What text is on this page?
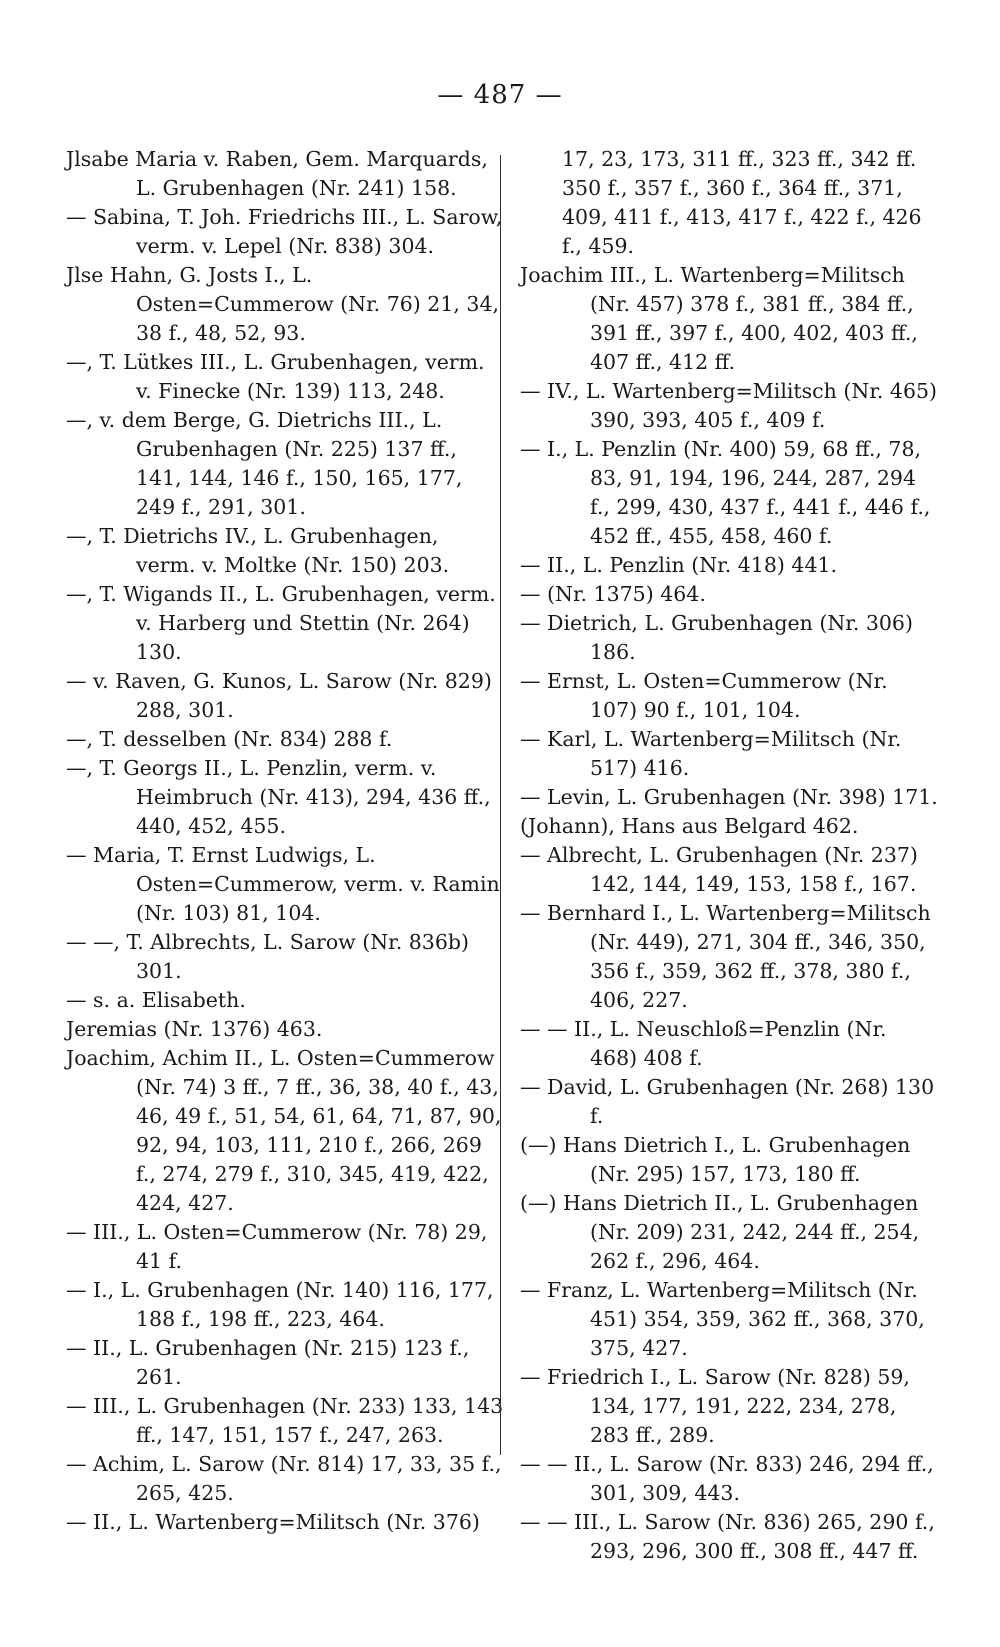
— 487 —

Jlsabe Maria v. Raben, Gem. Marquards, L. Grubenhagen (Nr. 241) 158.

— Sabina, T. Joh. Friedrichs III., L. Sarow, verm. v. Lepel (Nr. 838) 304.

Jlse Hahn, G. Josts I., L. Osten=Cummerow (Nr. 76) 21, 34, 38 f., 48, 52, 93.

—, T. Lütkes III., L. Grubenhagen, verm. v. Finecke (Nr. 139) 113, 248.

—, v. dem Berge, G. Dietrichs III., L. Grubenhagen (Nr. 225) 137 ff., 141, 144, 146 f., 150, 165, 177, 249 f., 291, 301.

—, T. Dietrichs IV., L. Grubenhagen, verm. v. Moltke (Nr. 150) 203.

—, T. Wigands II., L. Grubenhagen, verm. v. Harberg und Stettin (Nr. 264) 130.

— v. Raven, G. Kunos, L. Sarow (Nr. 829) 288, 301.

—, T. desselben (Nr. 834) 288 f.

—, T. Georgs II., L. Penzlin, verm. v. Heimbruch (Nr. 413), 294, 436 ff., 440, 452, 455.

— Maria, T. Ernst Ludwigs, L. Osten=Cummerow, verm. v. Ramin (Nr. 103) 81, 104.

— —, T. Albrechts, L. Sarow (Nr. 836b) 301.

— s. a. Elisabeth.

Jeremias (Nr. 1376) 463.

Joachim, Achim II., L. Osten=Cummerow (Nr. 74) 3 ff., 7 ff., 36, 38, 40 f., 43, 46, 49 f., 51, 54, 61, 64, 71, 87, 90, 92, 94, 103, 111, 210 f., 266, 269 f., 274, 279 f., 310, 345, 419, 422, 424, 427.

— III., L. Osten=Cummerow (Nr. 78) 29, 41 f.

— I., L. Grubenhagen (Nr. 140) 116, 177, 188 f., 198 ff., 223, 464.

— II., L. Grubenhagen (Nr. 215) 123 f., 261.

— III., L. Grubenhagen (Nr. 233) 133, 143 ff., 147, 151, 157 f., 247, 263.

— Achim, L. Sarow (Nr. 814) 17, 33, 35 f., 265, 425.

— II., L. Wartenberg=Militsch (Nr. 376)

17, 23, 173, 311 ff., 323 ff., 342 ff. 350 f., 357 f., 360 f., 364 ff., 371, 409, 411 f., 413, 417 f., 422 f., 426 f., 459.

Joachim III., L. Wartenberg=Militsch (Nr. 457) 378 f., 381 ff., 384 ff., 391 ff., 397 f., 400, 402, 403 ff., 407 ff., 412 ff.

— IV., L. Wartenberg=Militsch (Nr. 465) 390, 393, 405 f., 409 f.

— I., L. Penzlin (Nr. 400) 59, 68 ff., 78, 83, 91, 194, 196, 244, 287, 294 f., 299, 430, 437 f., 441 f., 446 f., 452 ff., 455, 458, 460 f.

— II., L. Penzlin (Nr. 418) 441.

— (Nr. 1375) 464.

— Dietrich, L. Grubenhagen (Nr. 306) 186.

— Ernst, L. Osten=Cummerow (Nr. 107) 90 f., 101, 104.

— Karl, L. Wartenberg=Militsch (Nr. 517) 416.

— Levin, L. Grubenhagen (Nr. 398) 171.

(Johann), Hans aus Belgard 462.

— Albrecht, L. Grubenhagen (Nr. 237) 142, 144, 149, 153, 158 f., 167.

— Bernhard I., L. Wartenberg=Militsch (Nr. 449), 271, 304 ff., 346, 350, 356 f., 359, 362 ff., 378, 380 f., 406, 227.

— — II., L. Neuschloß=Penzlin (Nr. 468) 408 f.

— David, L. Grubenhagen (Nr. 268) 130 f.

(—) Hans Dietrich I., L. Grubenhagen (Nr. 295) 157, 173, 180 ff.

(—) Hans Dietrich II., L. Grubenhagen (Nr. 209) 231, 242, 244 ff., 254, 262 f., 296, 464.

— Franz, L. Wartenberg=Militsch (Nr. 451) 354, 359, 362 ff., 368, 370, 375, 427.

— Friedrich I., L. Sarow (Nr. 828) 59, 134, 177, 191, 222, 234, 278, 283 ff., 289.

— — II., L. Sarow (Nr. 833) 246, 294 ff., 301, 309, 443.

— — III., L. Sarow (Nr. 836) 265, 290 f., 293, 296, 300 ff., 308 ff., 447 ff.
